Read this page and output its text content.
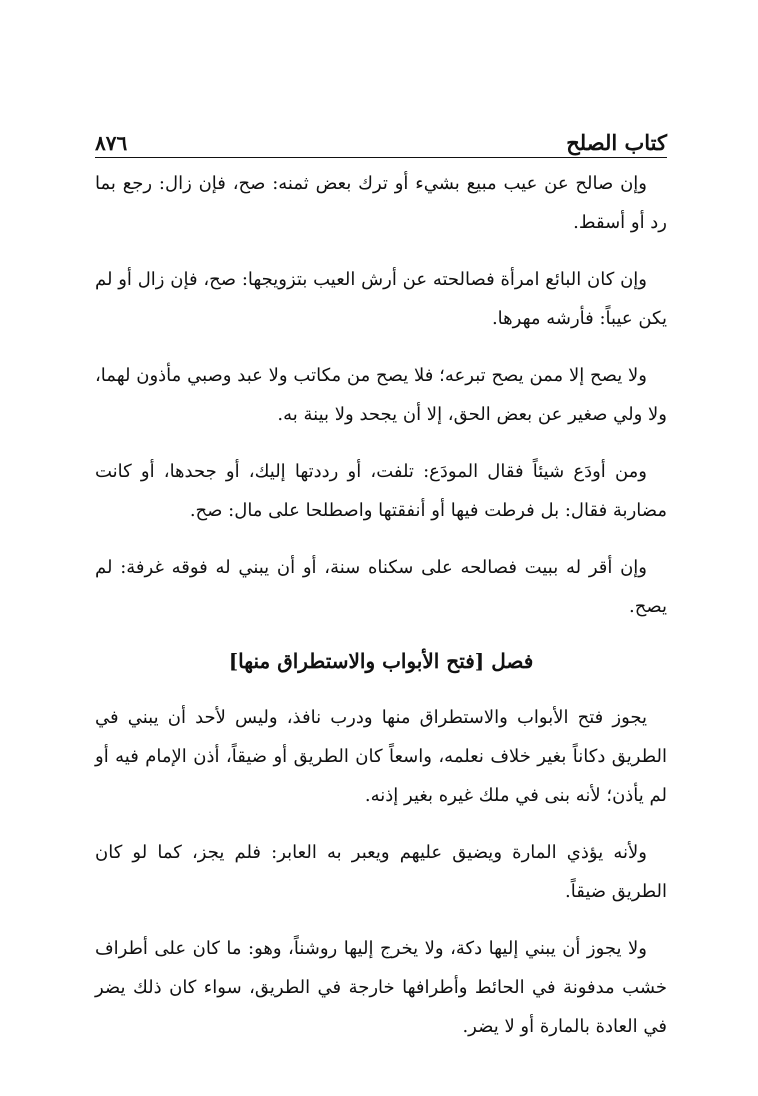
كتاب الصلح
٨٧٦

وإن صالح عن عيب مبيع بشيء أو ترك بعض ثمنه: صح، فإن زال: رجع بما رد أو أسقط.

وإن كان البائع امرأة فصالحته عن أرش العيب بتزويجها: صح، فإن زال أو لم يكن عيباً: فأرشه مهرها.

ولا يصح إلا ممن يصح تبرعه؛ فلا يصح من مكاتب ولا عبد وصبي مأذون لهما، ولا ولي صغير عن بعض الحق، إلا أن يجحد ولا بينة به.

ومن أودَع شيئاً فقال المودَع: تلفت، أو رددتها إليك، أو جحدها، أو كانت مضاربة فقال: بل فرطت فيها أو أنفقتها واصطلحا على مال: صح.

وإن أقر له ببيت فصالحه على سكناه سنة، أو أن يبني له فوقه غرفة: لم يصح.

فصل [فتح الأبواب والاستطراق منها]

يجوز فتح الأبواب والاستطراق منها ودرب نافذ، وليس لأحد أن يبني في الطريق دكاناً بغير خلاف نعلمه، واسعاً كان الطريق أو ضيقاً، أذن الإمام فيه أو لم يأذن؛ لأنه بنى في ملك غيره بغير إذنه.

ولأنه يؤذي المارة ويضيق عليهم ويعبر به العابر: فلم يجز، كما لو كان الطريق ضيقاً.

ولا يجوز أن يبني إليها دكة، ولا يخرج إليها روشناً، وهو: ما كان على أطراف خشب مدفونة في الحائط وأطرافها خارجة في الطريق، سواء كان ذلك يضر في العادة بالمارة أو لا يضر.
